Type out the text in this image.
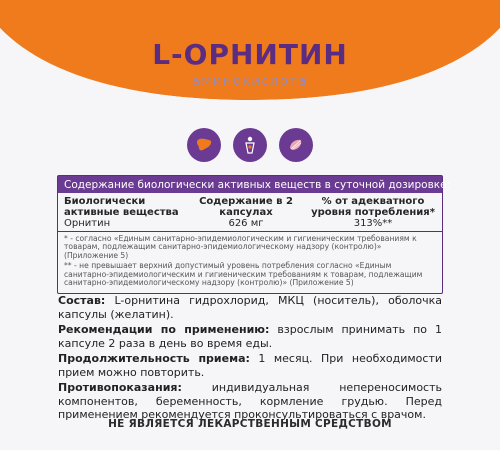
L-ОРНИТИН
аминокислота
Содержание биологически активных веществ в суточной дозировке:
Биологически активные вещества
Содержание в 2 капсулах
% от адекватного уровня потребления*
Орнитин	626 мг	313%**

* - согласно «Единым санитарно-эпидемиологическим и гигиеническим требованиям к товарам, подлежащим санитарно-эпидемиологическому надзору (контролю)» (Приложение 5)

** - не превышает верхний допустимый уровень потребления согласно «Единым санитарно-эпидемиологическим и гигиеническим требованиям к товарам, подлежащим санитарно-эпидемиологическому надзору (контролю)» (Приложение 5)

Состав: L-орнитина гидрохлорид, МКЦ (носитель), оболочка капсулы (желатин).

Рекомендации по применению: взрослым принимать по 1 капсуле 2 раза в день во время еды.

Продолжительность приема: 1 месяц. При необходимости прием можно повторить.

Противопоказания: индивидуальная непереносимость компонентов, беременность, кормление грудью. Перед применением рекомендуется проконсультироваться с врачом.

НЕ ЯВЛЯЕТСЯ ЛЕКАРСТВЕННЫМ СРЕДСТВОМ
